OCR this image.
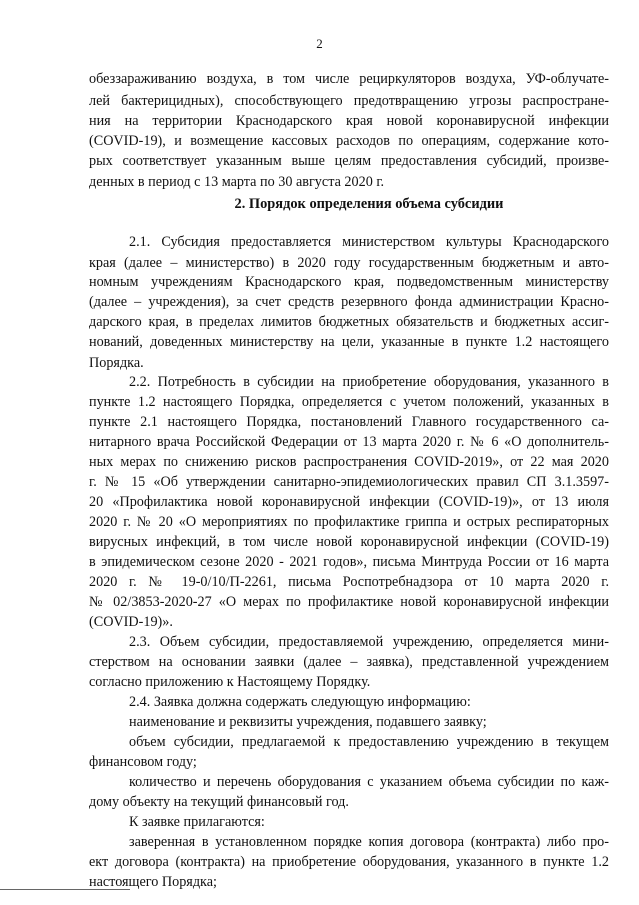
2
обеззараживанию воздуха, в том числе рециркуляторов воздуха, УФ-облучате-
лей бактерицидных), способствующего предотвращению угрозы распростране-
ния на территории Краснодарского края новой коронавирусной инфекции
(COVID-19), и возмещение кассовых расходов по операциям, содержание кото-
рых соответствует указанным выше целям предоставления субсидий, произве-
денных в период с 13 марта по 30 августа 2020 г.
2. Порядок определения объема субсидии
2.1. Субсидия предоставляется министерством культуры Краснодарского
края (далее – министерство) в 2020 году государственным бюджетным и авто-
номным учреждениям Краснодарского края, подведомственным министерству
(далее – учреждения), за счет средств резервного фонда администрации Красно-
дарского края, в пределах лимитов бюджетных обязательств и бюджетных ассиг-
нований, доведенных министерству на цели, указанные в пункте 1.2 настоящего
Порядка.
2.2. Потребность в субсидии на приобретение оборудования, указанного в
пункте 1.2 настоящего Порядка, определяется с учетом положений, указанных в
пункте 2.1 настоящего Порядка, постановлений Главного государственного са-
нитарного врача Российской Федерации от 13 марта 2020 г. № 6 «О дополнитель-
ных мерах по снижению рисков распространения COVID-2019», от 22 мая 2020
г. № 15 «Об утверждении санитарно-эпидемиологических правил СП 3.1.3597-
20 «Профилактика новой коронавирусной инфекции (COVID-19)», от 13 июля
2020 г. № 20 «О мероприятиях по профилактике гриппа и острых респираторных
вирусных инфекций, в том числе новой коронавирусной инфекции (COVID-19)
в эпидемическом сезоне 2020 - 2021 годов», письма Минтруда России от 16 марта
2020 г. № 19-0/10/П-2261, письма Роспотребнадзора от 10 марта 2020 г.
№ 02/3853-2020-27 «О мерах по профилактике новой коронавирусной инфекции
(COVID-19)».
2.3. Объем субсидии, предоставляемой учреждению, определяется мини-
стерством на основании заявки (далее – заявка), представленной учреждением
согласно приложению к Настоящему Порядку.
2.4. Заявка должна содержать следующую информацию:
наименование и реквизиты учреждения, подавшего заявку;
объем субсидии, предлагаемой к предоставлению учреждению в текущем
финансовом году;
количество и перечень оборудования с указанием объема субсидии по каж-
дому объекту на текущий финансовый год.
К заявке прилагаются:
заверенная в установленном порядке копия договора (контракта) либо про-
ект договора (контракта) на приобретение оборудования, указанного в пункте 1.2
настоящего Порядка;
